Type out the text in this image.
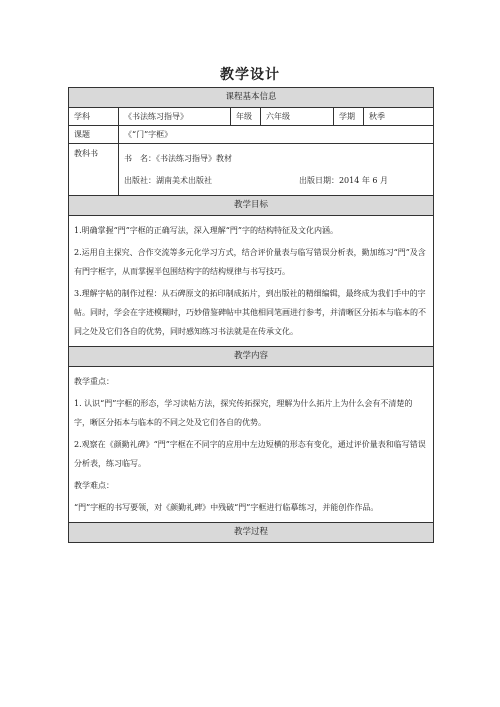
教学设计
课程基本信息					
学科	《书法练习指导》	年级	六年级	学期	秋季
课题	《“门”字框》				
教科书	书　名：《书法练习指导》教材
出版社：湖南美术出版社 出版日期：2014 年 6 月				

教学目标					

1.明确掌握“門”字框的正确写法，深入理解“門”字的结构特征及文化内涵。
2.运用自主探究、合作交流等多元化学习方式，结合评价量表与临写错误分析表，勤加练习“門”及含有門字框字，从而掌握半包围结构字的结构规律与书写技巧。
3.理解字帖的制作过程：从石碑原文的拓印制成拓片，到出版社的精细编辑，最终成为我们手中的字帖。同时，学会在字迹模糊时，巧妙借鉴碑帖中其他相同笔画进行参考，并清晰区分拓本与临本的不同之处及它们各自的优势，同时感知练习书法就是在传承文化。					

教学内容					

教学重点：
1. 认识“門”字框的形态，学习读帖方法，探究传拓探究，理解为什么拓片上为什么会有不清楚的字，晰区分拓本与临本的不同之处及它们各自的优势。
2.观察在《颜勤礼碑》“門”字框在不同字的应用中左边短横的形态有变化，通过评价量表和临写错误分析表，练习临写。
教学难点：
“門”字框的书写要领，对《颜勤礼碑》中残破“門”字框进行临摹练习，并能创作作品。					

教学过程					
